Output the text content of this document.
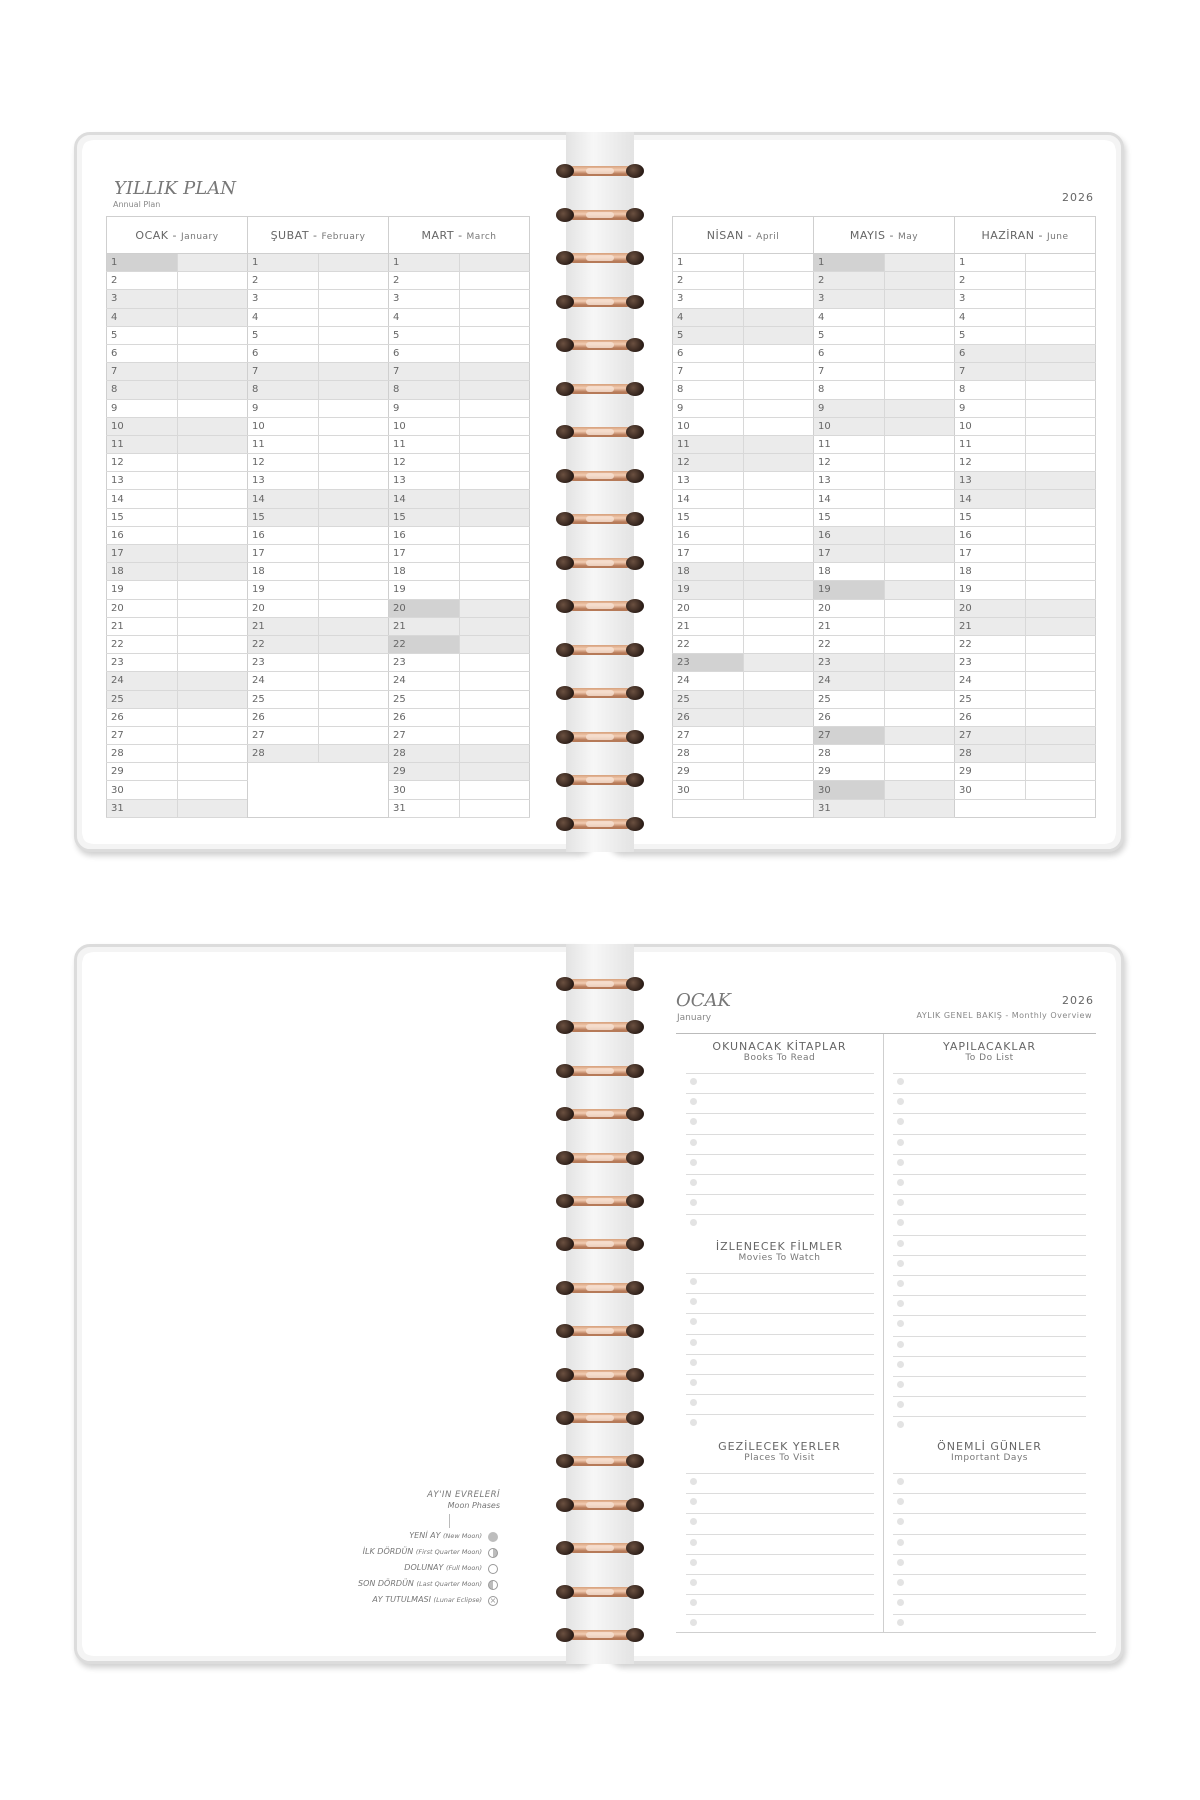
YILLIK PLAN
Annual Plan
2026
OCAK - January		ŞUBAT - February		MART - March	
1		1		1	
2		2		2	
3		3		3	
4		4		4	
5		5		5	
6		6		6	
7		7		7	
8		8		8	
9		9		9	
10		10		10	
11		11		11	
12		12		12	
13		13		13	
14		14		14	
15		15		15	
16		16		16	
17		17		17	
18		18		18	
19		19		19	
20		20		20	
21		21		21	
22		22		22	
23		23		23	
24		24		24	
25		25		25	
26		26		26	
27		27		27	
28		28		28	
29				29	
30				30	
31				31	
NİSAN - April		MAYIS - May		HAZİRAN - June	
1		1		1	
2		2		2	
3		3		3	
4		4		4	
5		5		5	
6		6		6	
7		7		7	
8		8		8	
9		9		9	
10		10		10	
11		11		11	
12		12		12	
13		13		13	
14		14		14	
15		15		15	
16		16		16	
17		17		17	
18		18		18	
19		19		19	
20		20		20	
21		21		21	
22		22		22	
23		23		23	
24		24		24	
25		25		25	
26		26		26	
27		27		27	
28		28		28	
29		29		29	
30		30		30	
		31			
OCAK
January
2026
AYLIK GENEL BAKIŞ - Monthly Overview
OKUNACAK KİTAPLAR
Books To Read
YAPILACAKLAR
To Do List
İZLENECEK FİLMLER
Movies To Watch
GEZİLECEK YERLER
Places To Visit
ÖNEMLİ GÜNLER
Important Days
AY'IN EVRELERİ
Moon Phases
YENİ AY (New Moon)
İLK DÖRDÜN (First Quarter Moon)
DOLUNAY (Full Moon)
SON DÖRDÜN (Last Quarter Moon)
AY TUTULMASI (Lunar Eclipse) ×
